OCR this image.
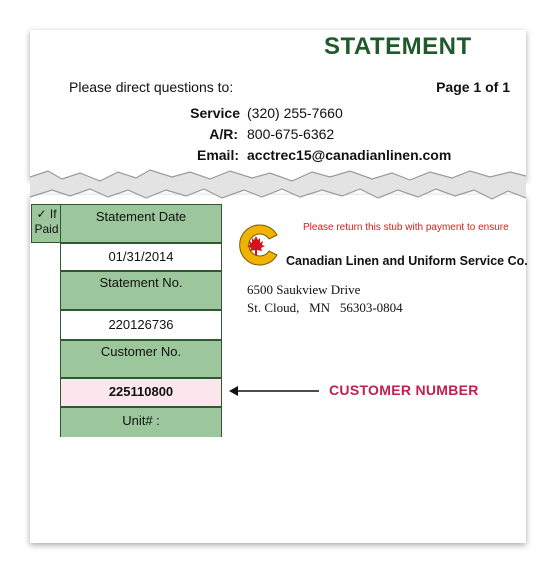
STATEMENT
Please direct questions to:	Page 1 of 1
Service (320) 255-7660
A/R: 800-675-6362
Email: acctrec15@canadianlinen.com
✓ If Paid
Statement Date
01/31/2014
Statement No.
220126736
Customer No.
225110800
Unit# :
Please return this stub with payment to ensure
Canadian Linen and Uniform Service Co.
6500 Saukview Drive
St. Cloud,   MN   56303-0804
CUSTOMER NUMBER
